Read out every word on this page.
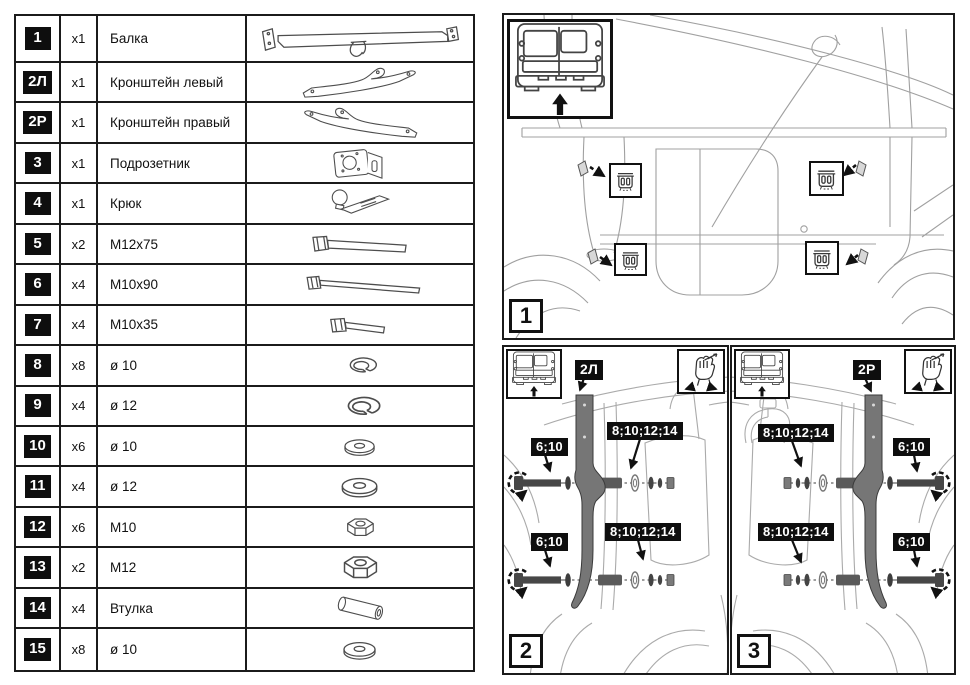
1	x1	Балка
2Л	x1	Кронштейн левый
2Р	x1	Кронштейн правый
3	x1	Подрозетник
4	x1	Крюк
5	x2	M12x75
6	x4	M10x90
7	x4	M10x35
8	x8	ø 10
9	x4	ø 12
10	x6	ø 10
11	x4	ø 12
12	x6	M10
13	x2	M12
14	x4	Втулка
15	x8	ø 10
1
2Л
6;10
8;10;12;14
6;10
8;10;12;14
2
2Р
8;10;12;14
6;10
8;10;12;14
6;10
3
